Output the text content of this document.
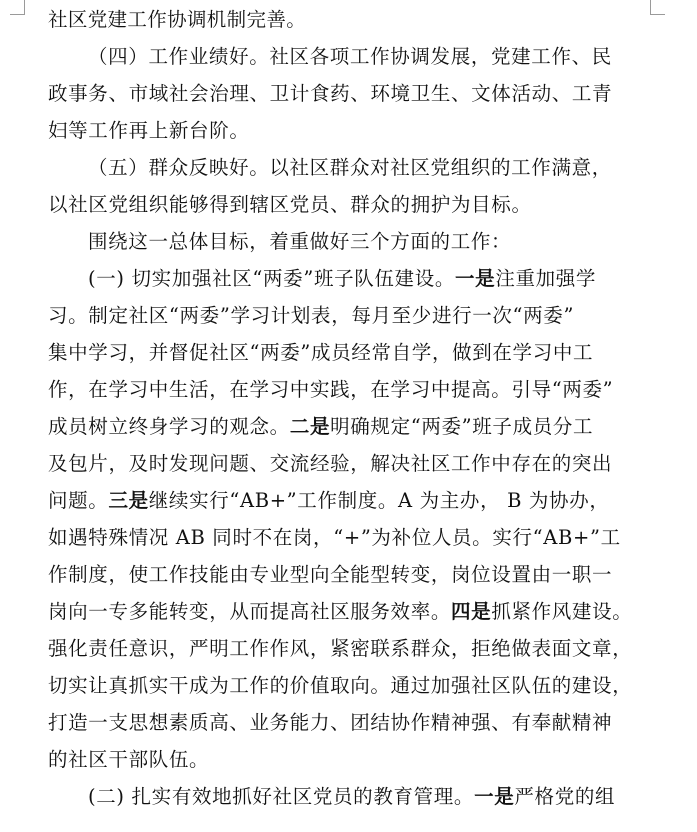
社区党建工作协调机制完善。
（四）工作业绩好。社区各项工作协调发展，党建工作、民
政事务、市域社会治理、卫计食药、环境卫生、文体活动、工青
妇等工作再上新台阶。
（五）群众反映好。以社区群众对社区党组织的工作满意，
以社区党组织能够得到辖区党员、群众的拥护为目标。
围绕这一总体目标，着重做好三个方面的工作：
(一) 切实加强社区“两委”班子队伍建设。一是注重加强学
习。制定社区“两委”学习计划表，每月至少进行一次“两委”
集中学习，并督促社区“两委”成员经常自学，做到在学习中工
作，在学习中生活，在学习中实践，在学习中提高。引导“两委”
成员树立终身学习的观念。二是明确规定“两委”班子成员分工
及包片，及时发现问题、交流经验，解决社区工作中存在的突出
问题。三是继续实行“AB+”工作制度。A 为主办， B 为协办，
如遇特殊情况 AB 同时不在岗，“+”为补位人员。实行“AB+”工
作制度，使工作技能由专业型向全能型转变，岗位设置由一职一
岗向一专多能转变，从而提高社区服务效率。四是抓紧作风建设。
强化责任意识，严明工作作风，紧密联系群众，拒绝做表面文章，
切实让真抓实干成为工作的价值取向。通过加强社区队伍的建设，
打造一支思想素质高、业务能力、团结协作精神强、有奉献精神
的社区干部队伍。
(二) 扎实有效地抓好社区党员的教育管理。一是严格党的组
